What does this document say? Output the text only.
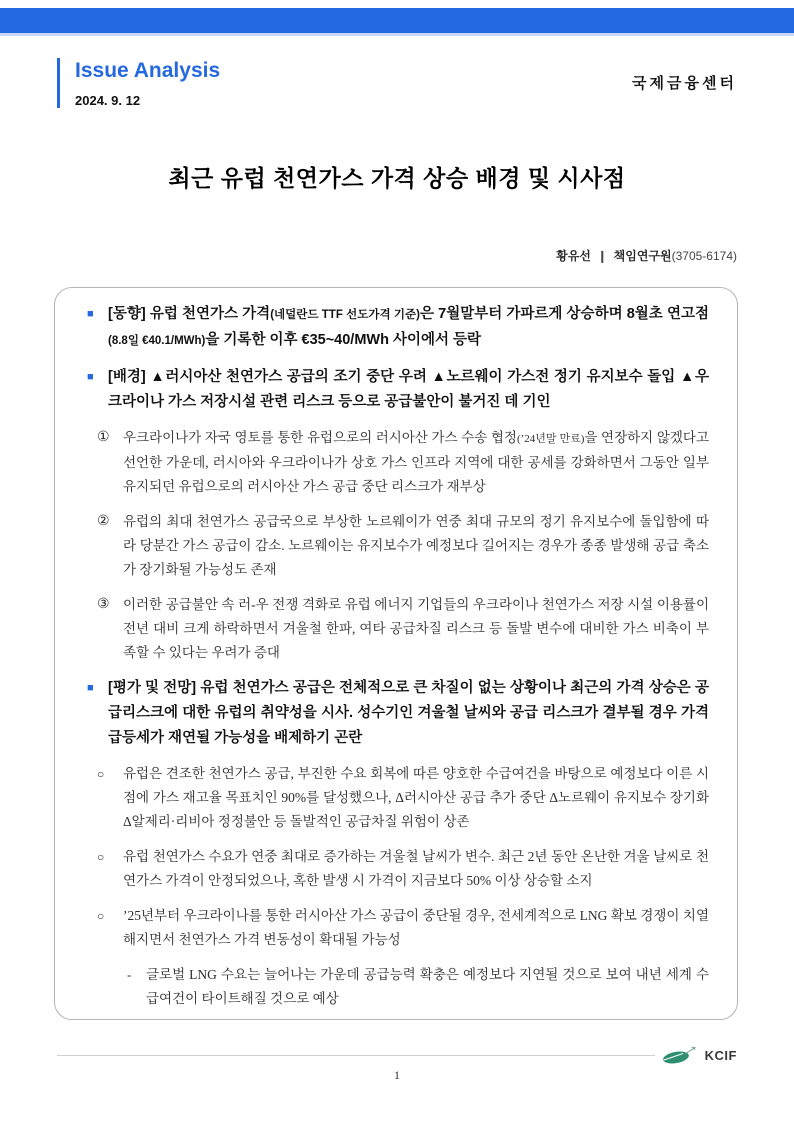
Issue Analysis
2024. 9. 12
국제금융센터
최근 유럽 천연가스 가격 상승 배경 및 시사점
황유선 ❙ 책임연구원(3705-6174)
■ [동향] 유럽 천연가스 가격(네덜란드 TTF 선도가격 기준)은 7월말부터 가파르게 상승하며 8월초 연고점(8.8일 €40.1/MWh)을 기록한 이후 €35~40/MWh 사이에서 등락

■ [배경] ▲러시아산 천연가스 공급의 조기 중단 우려 ▲노르웨이 가스전 정기 유지보수 돌입 ▲우크라이나 가스 저장시설 관련 리스크 등으로 공급불안이 불거진 데 기인

① 우크라이나가 자국 영토를 통한 유럽으로의 러시아산 가스 수송 협정(’24년말 만료)을 연장하지 않겠다고 선언한 가운데, 러시아와 우크라이나가 상호 가스 인프라 지역에 대한 공세를 강화하면서 그동안 일부 유지되던 유럽으로의 러시아산 가스 공급 중단 리스크가 재부상

② 유럽의 최대 천연가스 공급국으로 부상한 노르웨이가 연중 최대 규모의 정기 유지보수에 돌입함에 따라 당분간 가스 공급이 감소. 노르웨이는 유지보수가 예정보다 길어지는 경우가 종종 발생해 공급 축소가 장기화될 가능성도 존재

③ 이러한 공급불안 속 러-우 전쟁 격화로 유럽 에너지 기업들의 우크라이나 천연가스 저장 시설 이용률이 전년 대비 크게 하락하면서 겨울철 한파, 여타 공급차질 리스크 등 돌발 변수에 대비한 가스 비축이 부족할 수 있다는 우려가 증대

■ [평가 및 전망] 유럽 천연가스 공급은 전체적으로 큰 차질이 없는 상황이나 최근의 가격 상승은 공급리스크에 대한 유럽의 취약성을 시사. 성수기인 겨울철 날씨와 공급 리스크가 결부될 경우 가격 급등세가 재연될 가능성을 배제하기 곤란

○	유럽은 견조한 천연가스 공급, 부진한 수요 회복에 따른 양호한 수급여건을 바탕으로 예정보다 이른 시점에 가스 재고율 목표치인 90%를 달성했으나, Δ러시아산 공급 추가 중단 Δ노르웨이 유지보수 장기화 Δ알제리·리비아 정정불안 등 돌발적인 공급차질 위험이 상존

○	유럽 천연가스 수요가 연중 최대로 증가하는 겨울철 날씨가 변수. 최근 2년 동안 온난한 겨울 날씨로 천연가스 가격이 안정되었으나, 혹한 발생 시 가격이 지금보다 50% 이상 상승할 소지

○	’25년부터 우크라이나를 통한 러시아산 가스 공급이 중단될 경우, 전세계적으로 LNG 확보 경쟁이 치열해지면서 천연가스 가격 변동성이 확대될 가능성

-	글로벌 LNG 수요는 늘어나는 가운데 공급능력 확충은 예정보다 지연될 것으로 보여 내년 세계 수급여건이 타이트해질 것으로 예상

KCIF
1
